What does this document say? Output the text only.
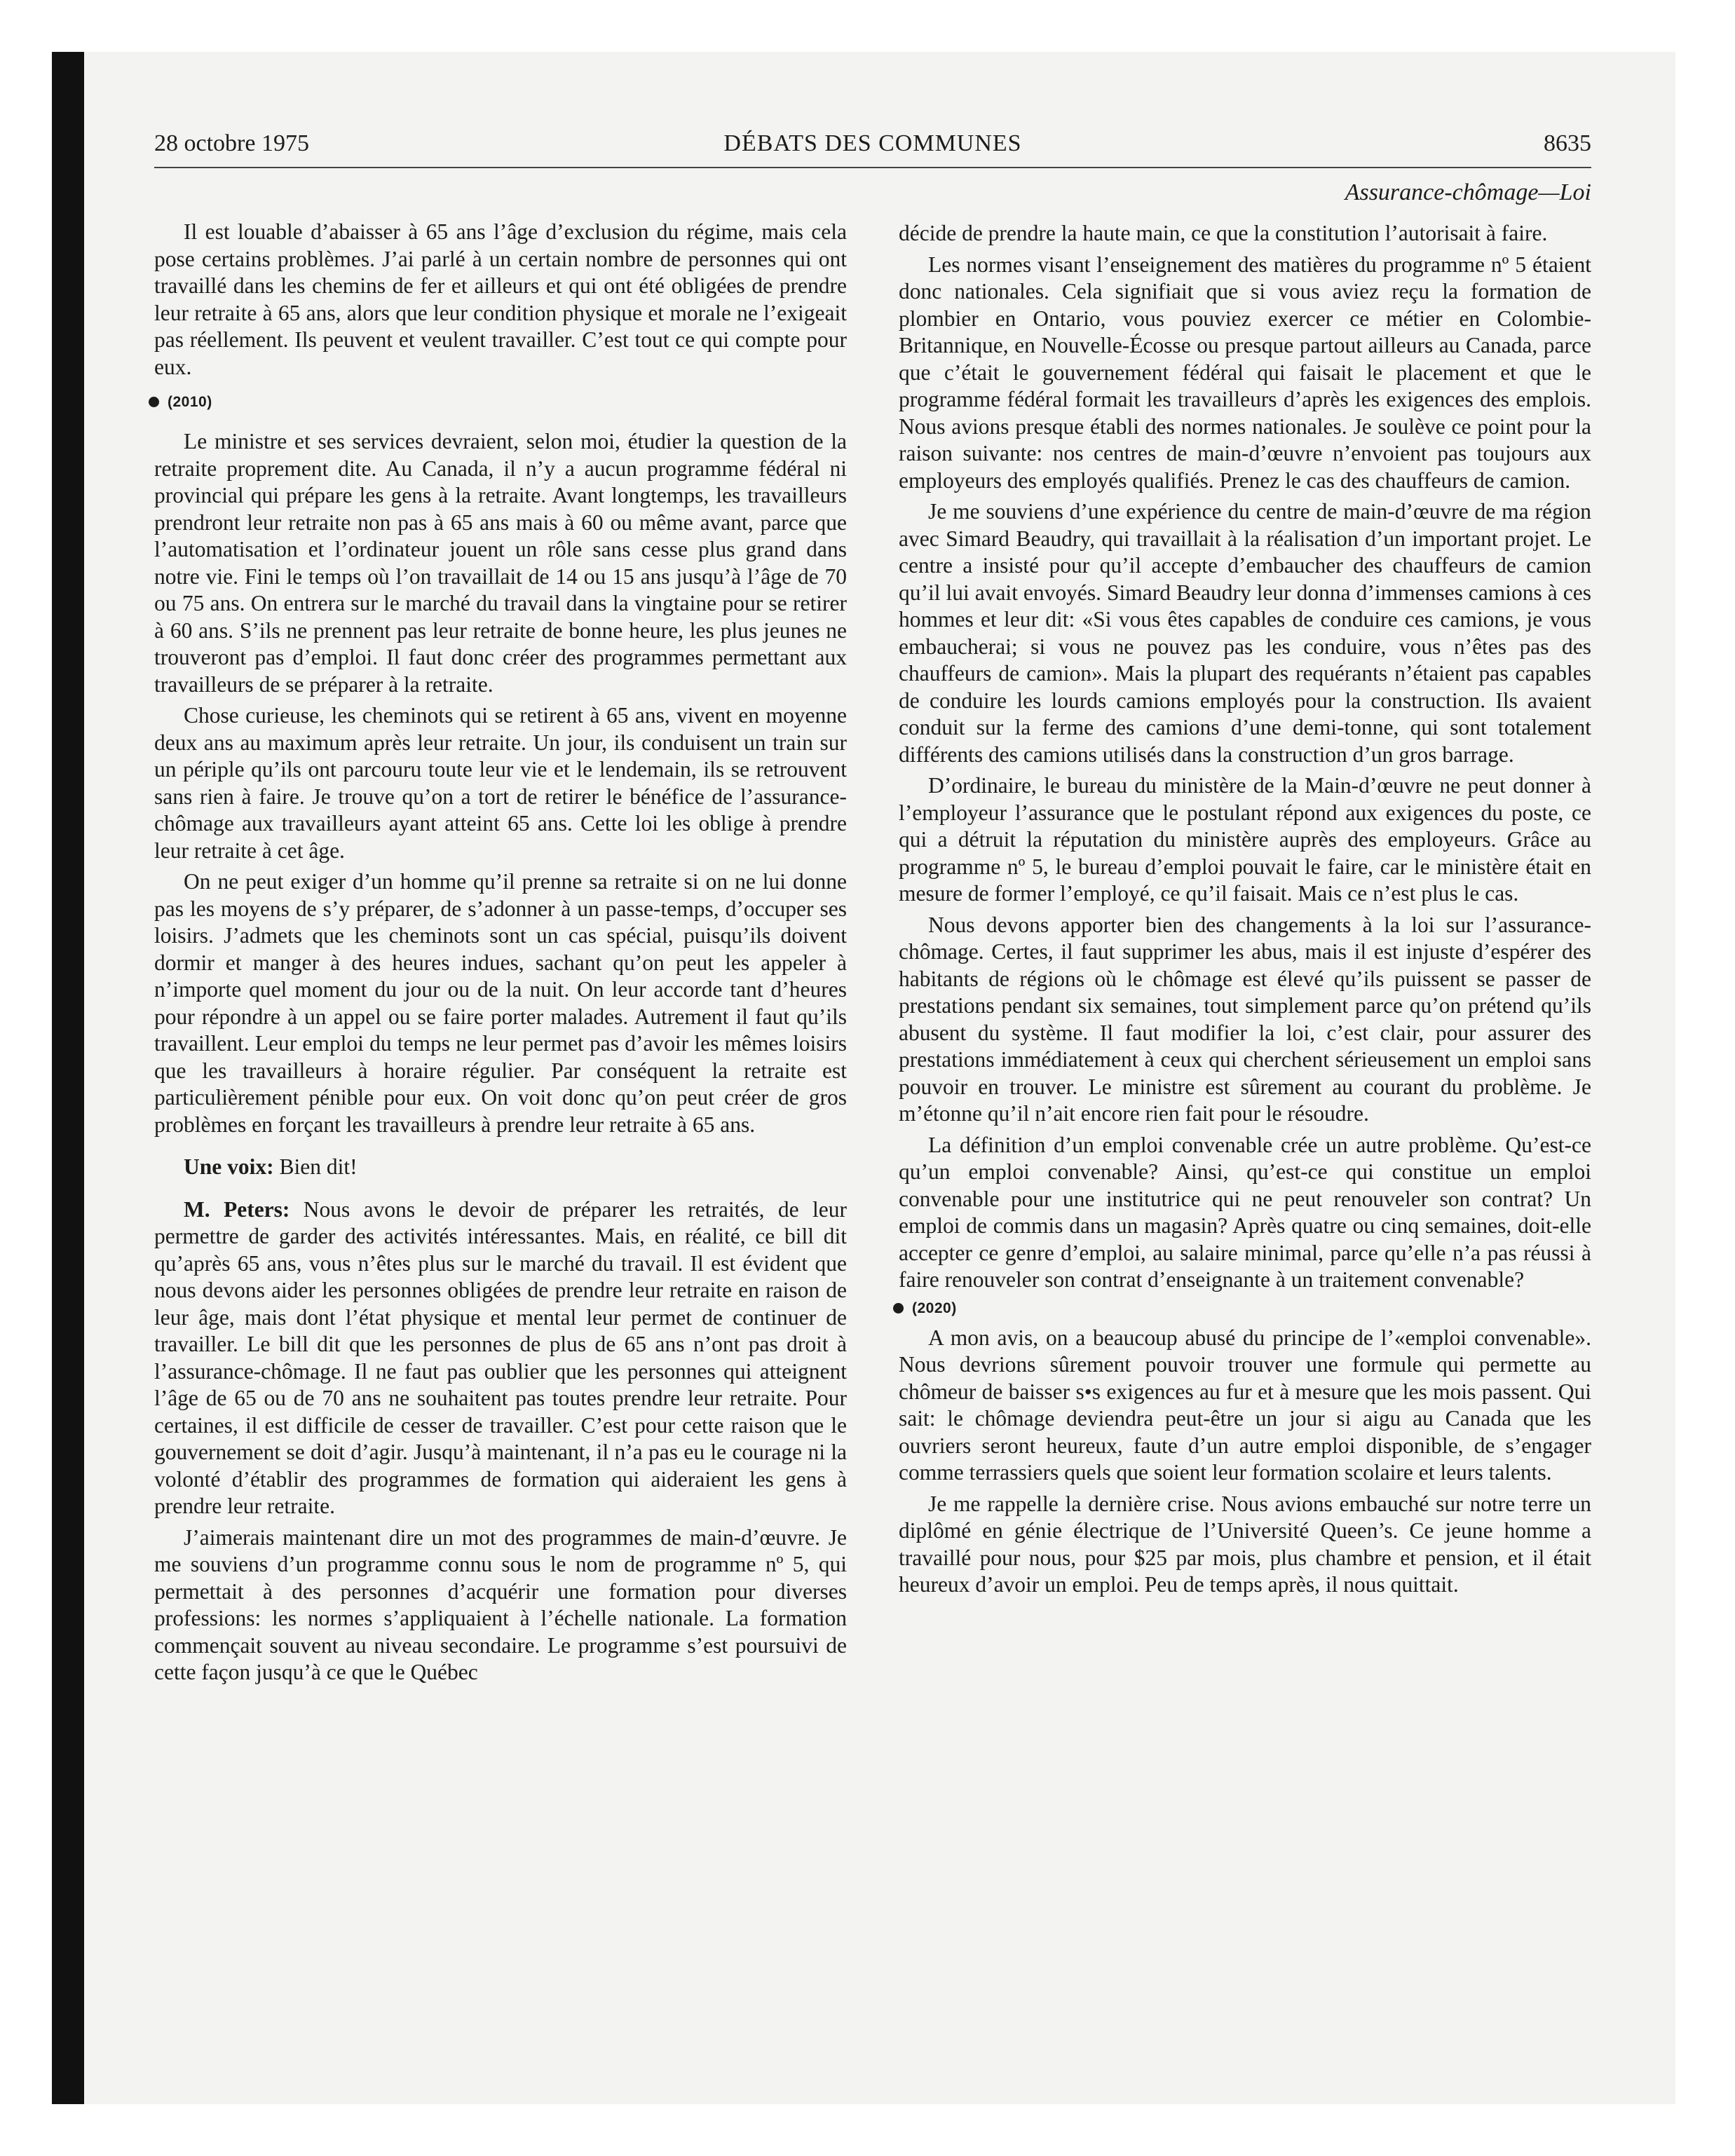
28 octobre 1975	DÉBATS DES COMMUNES	8635
Assurance-chômage—Loi

Il est louable d’abaisser à 65 ans l’âge d’exclusion du régime, mais cela pose certains problèmes. J’ai parlé à un certain nombre de personnes qui ont travaillé dans les chemins de fer et ailleurs et qui ont été obligées de prendre leur retraite à 65 ans, alors que leur condition physique et morale ne l’exigeait pas réellement. Ils peuvent et veulent travailler. C’est tout ce qui compte pour eux.

(2010)

Le ministre et ses services devraient, selon moi, étudier la question de la retraite proprement dite. Au Canada, il n’y a aucun programme fédéral ni provincial qui prépare les gens à la retraite. Avant longtemps, les travailleurs prendront leur retraite non pas à 65 ans mais à 60 ou même avant, parce que l’automatisation et l’ordinateur jouent un rôle sans cesse plus grand dans notre vie. Fini le temps où l’on travaillait de 14 ou 15 ans jusqu’à l’âge de 70 ou 75 ans. On entrera sur le marché du travail dans la vingtaine pour se retirer à 60 ans. S’ils ne prennent pas leur retraite de bonne heure, les plus jeunes ne trouveront pas d’emploi. Il faut donc créer des programmes permettant aux travailleurs de se préparer à la retraite.

Chose curieuse, les cheminots qui se retirent à 65 ans, vivent en moyenne deux ans au maximum après leur retraite. Un jour, ils conduisent un train sur un périple qu’ils ont parcouru toute leur vie et le lendemain, ils se retrouvent sans rien à faire. Je trouve qu’on a tort de retirer le bénéfice de l’assurance-chômage aux travailleurs ayant atteint 65 ans. Cette loi les oblige à prendre leur retraite à cet âge.

On ne peut exiger d’un homme qu’il prenne sa retraite si on ne lui donne pas les moyens de s’y préparer, de s’adonner à un passe-temps, d’occuper ses loisirs. J’admets que les cheminots sont un cas spécial, puisqu’ils doivent dormir et manger à des heures indues, sachant qu’on peut les appeler à n’importe quel moment du jour ou de la nuit. On leur accorde tant d’heures pour répondre à un appel ou se faire porter malades. Autrement il faut qu’ils travaillent. Leur emploi du temps ne leur permet pas d’avoir les mêmes loisirs que les travailleurs à horaire régulier. Par conséquent la retraite est particulièrement pénible pour eux. On voit donc qu’on peut créer de gros problèmes en forçant les travailleurs à prendre leur retraite à 65 ans.

Une voix: Bien dit!

M. Peters: Nous avons le devoir de préparer les retraités, de leur permettre de garder des activités intéressantes. Mais, en réalité, ce bill dit qu’après 65 ans, vous n’êtes plus sur le marché du travail. Il est évident que nous devons aider les personnes obligées de prendre leur retraite en raison de leur âge, mais dont l’état physique et mental leur permet de continuer de travailler. Le bill dit que les personnes de plus de 65 ans n’ont pas droit à l’assurance-chômage. Il ne faut pas oublier que les personnes qui atteignent l’âge de 65 ou de 70 ans ne souhaitent pas toutes prendre leur retraite. Pour certaines, il est difficile de cesser de travailler. C’est pour cette raison que le gouvernement se doit d’agir. Jusqu’à maintenant, il n’a pas eu le courage ni la volonté d’établir des programmes de formation qui aideraient les gens à prendre leur retraite.

J’aimerais maintenant dire un mot des programmes de main-d’œuvre. Je me souviens d’un programme connu sous le nom de programme nº 5, qui permettait à des personnes d’acquérir une formation pour diverses professions: les normes s’appliquaient à l’échelle nationale. La formation commençait souvent au niveau secondaire. Le programme s’est poursuivi de cette façon jusqu’à ce que le Québec

décide de prendre la haute main, ce que la constitution l’autorisait à faire.

Les normes visant l’enseignement des matières du programme nº 5 étaient donc nationales. Cela signifiait que si vous aviez reçu la formation de plombier en Ontario, vous pouviez exercer ce métier en Colombie-Britannique, en Nouvelle-Écosse ou presque partout ailleurs au Canada, parce que c’était le gouvernement fédéral qui faisait le placement et que le programme fédéral formait les travailleurs d’après les exigences des emplois. Nous avions presque établi des normes nationales. Je soulève ce point pour la raison suivante: nos centres de main-d’œuvre n’envoient pas toujours aux employeurs des employés qualifiés. Prenez le cas des chauffeurs de camion.

Je me souviens d’une expérience du centre de main-d’œuvre de ma région avec Simard Beaudry, qui travaillait à la réalisation d’un important projet. Le centre a insisté pour qu’il accepte d’embaucher des chauffeurs de camion qu’il lui avait envoyés. Simard Beaudry leur donna d’immenses camions à ces hommes et leur dit: «Si vous êtes capables de conduire ces camions, je vous embaucherai; si vous ne pouvez pas les conduire, vous n’êtes pas des chauffeurs de camion». Mais la plupart des requérants n’étaient pas capables de conduire les lourds camions employés pour la construction. Ils avaient conduit sur la ferme des camions d’une demi-tonne, qui sont totalement différents des camions utilisés dans la construction d’un gros barrage.

D’ordinaire, le bureau du ministère de la Main-d’œuvre ne peut donner à l’employeur l’assurance que le postulant répond aux exigences du poste, ce qui a détruit la réputation du ministère auprès des employeurs. Grâce au programme nº 5, le bureau d’emploi pouvait le faire, car le ministère était en mesure de former l’employé, ce qu’il faisait. Mais ce n’est plus le cas.

Nous devons apporter bien des changements à la loi sur l’assurance-chômage. Certes, il faut supprimer les abus, mais il est injuste d’espérer des habitants de régions où le chômage est élevé qu’ils puissent se passer de prestations pendant six semaines, tout simplement parce qu’on prétend qu’ils abusent du système. Il faut modifier la loi, c’est clair, pour assurer des prestations immédiatement à ceux qui cherchent sérieusement un emploi sans pouvoir en trouver. Le ministre est sûrement au courant du problème. Je m’étonne qu’il n’ait encore rien fait pour le résoudre.

La définition d’un emploi convenable crée un autre problème. Qu’est-ce qu’un emploi convenable? Ainsi, qu’est-ce qui constitue un emploi convenable pour une institutrice qui ne peut renouveler son contrat? Un emploi de commis dans un magasin? Après quatre ou cinq semaines, doit-elle accepter ce genre d’emploi, au salaire minimal, parce qu’elle n’a pas réussi à faire renouveler son contrat d’enseignante à un traitement convenable?

(2020)

A mon avis, on a beaucoup abusé du principe de l’«emploi convenable». Nous devrions sûrement pouvoir trouver une formule qui permette au chômeur de baisser s•s exigences au fur et à mesure que les mois passent. Qui sait: le chômage deviendra peut-être un jour si aigu au Canada que les ouvriers seront heureux, faute d’un autre emploi disponible, de s’engager comme terrassiers quels que soient leur formation scolaire et leurs talents.

Je me rappelle la dernière crise. Nous avions embauché sur notre terre un diplômé en génie électrique de l’Université Queen’s. Ce jeune homme a travaillé pour nous, pour $25 par mois, plus chambre et pension, et il était heureux d’avoir un emploi. Peu de temps après, il nous quittait.
